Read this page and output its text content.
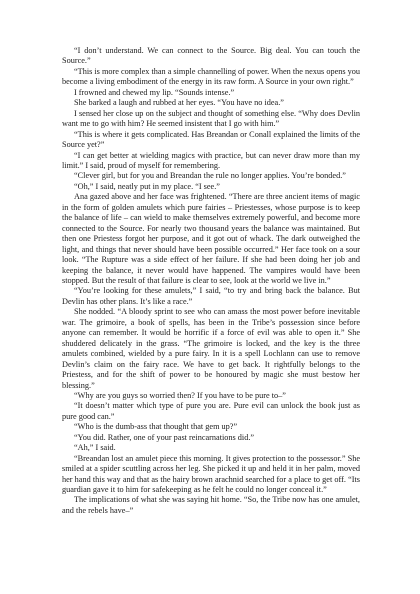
“I don’t understand. We can connect to the Source. Big deal. You can touch the Source.”

“This is more complex than a simple channelling of power. When the nexus opens you become a living embodiment of the energy in its raw form. A Source in your own right.”

I frowned and chewed my lip. “Sounds intense.”

She barked a laugh and rubbed at her eyes. “You have no idea.”

I sensed her close up on the subject and thought of something else. “Why does Devlin want me to go with him? He seemed insistent that I go with him.”

“This is where it gets complicated. Has Breandan or Conall explained the limits of the Source yet?”

“I can get better at wielding magics with practice, but can never draw more than my limit.” I said, proud of myself for remembering.

“Clever girl, but for you and Breandan the rule no longer applies. You’re bonded.”

“Oh,” I said, neatly put in my place. “I see.”

Ana gazed above and her face was frightened. “There are three ancient items of magic in the form of golden amulets which pure fairies – Priestesses, whose purpose is to keep the balance of life – can wield to make themselves extremely powerful, and become more connected to the Source. For nearly two thousand years the balance was maintained. But then one Priestess forgot her purpose, and it got out of whack. The dark outweighed the light, and things that never should have been possible occurred.” Her face took on a sour look. “The Rupture was a side effect of her failure. If she had been doing her job and keeping the balance, it never would have happened. The vampires would have been stopped. But the result of that failure is clear to see, look at the world we live in.”

“You’re looking for these amulets,” I said, “to try and bring back the balance. But Devlin has other plans. It’s like a race.”

She nodded. “A bloody sprint to see who can amass the most power before inevitable war. The grimoire, a book of spells, has been in the Tribe’s possession since before anyone can remember. It would be horrific if a force of evil was able to open it.” She shuddered delicately in the grass. “The grimoire is locked, and the key is the three amulets combined, wielded by a pure fairy. In it is a spell Lochlann can use to remove Devlin’s claim on the fairy race. We have to get back. It rightfully belongs to the Priestess, and for the shift of power to be honoured by magic she must bestow her blessing.”

“Why are you guys so worried then? If you have to be pure to–”

“It doesn’t matter which type of pure you are. Pure evil can unlock the book just as pure good can.”

“Who is the dumb-ass that thought that gem up?”

“You did. Rather, one of your past reincarnations did.”

“Ah,” I said.

“Breandan lost an amulet piece this morning. It gives protection to the possessor.” She smiled at a spider scuttling across her leg. She picked it up and held it in her palm, moved her hand this way and that as the hairy brown arachnid searched for a place to get off. “Its guardian gave it to him for safekeeping as he felt he could no longer conceal it.”

The implications of what she was saying hit home. “So, the Tribe now has one amulet, and the rebels have–”
